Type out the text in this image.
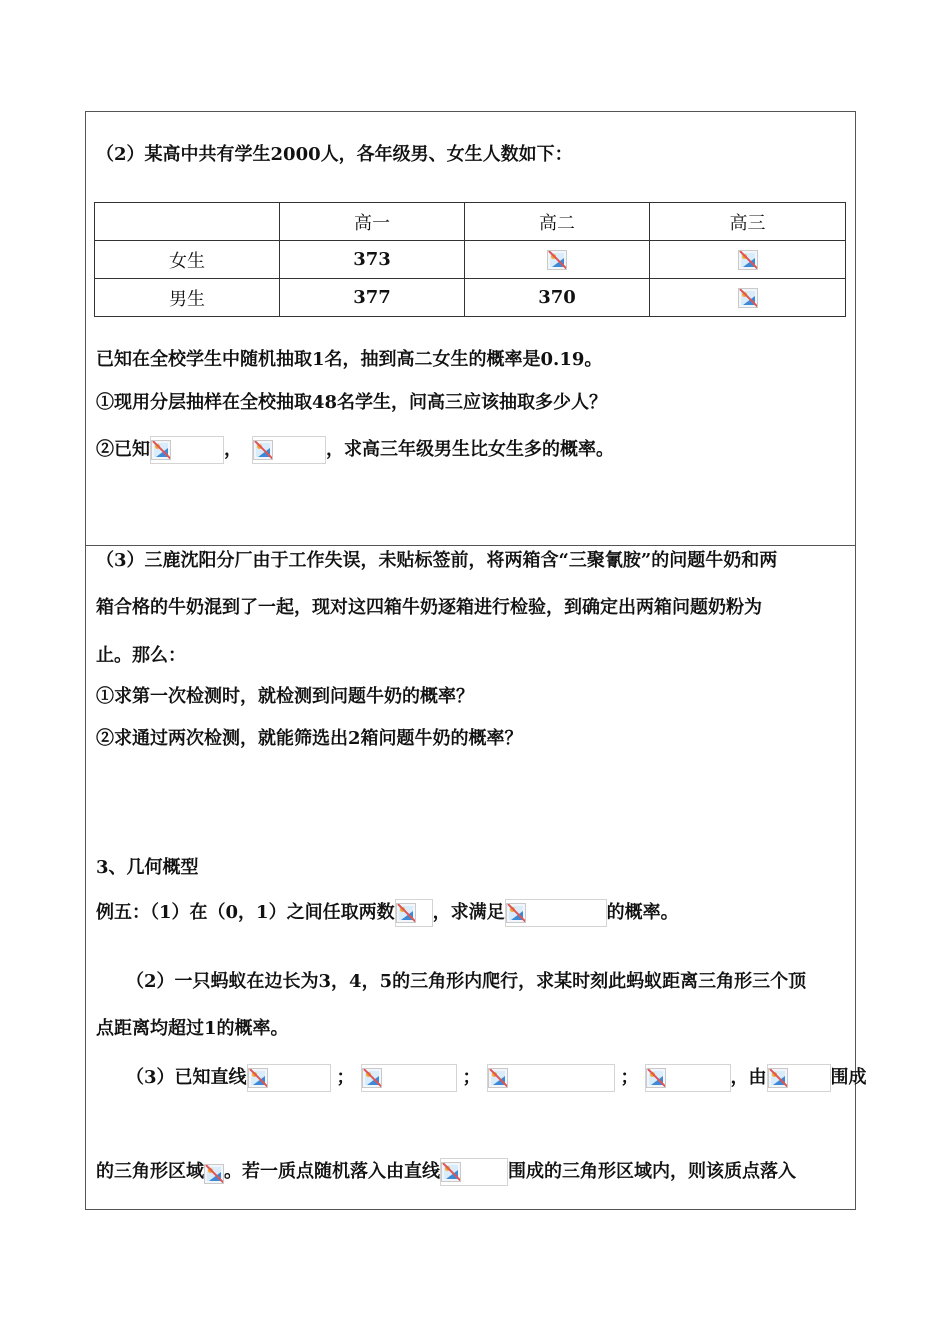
（2）某高中共有学生2000人，各年级男、女生人数如下：
	高一	高二	高三
女生	373	

男生	377	370	
已知在全校学生中随机抽取1名，抽到高二女生的概率是0.19。
①现用分层抽样在全校抽取48名学生，问高三应该抽取多少人？
②已知	，	，求高三年级男生比女生多的概率。
（3）三鹿沈阳分厂由于工作失误，未贴标签前，将两箱含“三聚氰胺”的问题牛奶和两
箱合格的牛奶混到了一起，现对这四箱牛奶逐箱进行检验，到确定出两箱问题奶粉为
止。那么：
①求第一次检测时，就检测到问题牛奶的概率？
②求通过两次检测，就能筛选出2箱问题牛奶的概率？
3、几何概型
例五：（1）在（0，1）之间任取两数 ，求满足	的概率。
（2）一只蚂蚁在边长为3，4，5的三角形内爬行，求某时刻此蚂蚁距离三角形三个顶
点距离均超过1的概率。
（3）已知直线	；	；	；	，由	围成
的三角形区域 。若一质点随机落入由直线	围成的三角形区域内，则该质点落入
